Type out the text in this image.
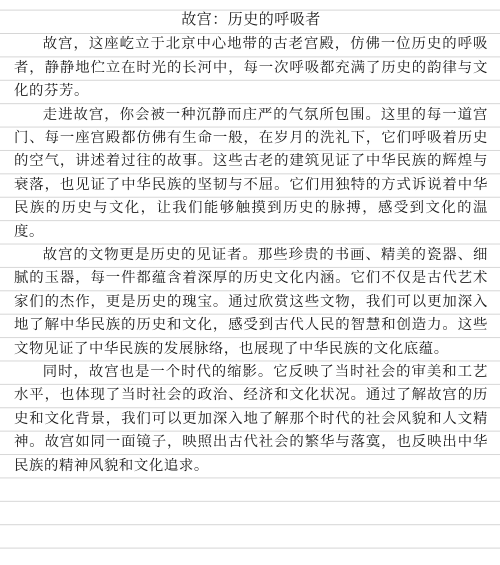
故宫：历史的呼吸者

故宫，这座屹立于北京中心地带的古老宫殿，仿佛一位历史的呼吸者，静静地伫立在时光的长河中，每一次呼吸都充满了历史的韵律与文化的芬芳。

走进故宫，你会被一种沉静而庄严的气氛所包围。这里的每一道宫门、每一座宫殿都仿佛有生命一般，在岁月的洗礼下，它们呼吸着历史的空气，讲述着过往的故事。这些古老的建筑见证了中华民族的辉煌与衰落，也见证了中华民族的坚韧与不屈。它们用独特的方式诉说着中华民族的历史与文化，让我们能够触摸到历史的脉搏，感受到文化的温度。

故宫的文物更是历史的见证者。那些珍贵的书画、精美的瓷器、细腻的玉器，每一件都蕴含着深厚的历史文化内涵。它们不仅是古代艺术家们的杰作，更是历史的瑰宝。通过欣赏这些文物，我们可以更加深入地了解中华民族的历史和文化，感受到古代人民的智慧和创造力。这些文物见证了中华民族的发展脉络，也展现了中华民族的文化底蕴。

同时，故宫也是一个时代的缩影。它反映了当时社会的审美和工艺水平，也体现了当时社会的政治、经济和文化状况。通过了解故宫的历史和文化背景，我们可以更加深入地了解那个时代的社会风貌和人文精神。故宫如同一面镜子，映照出古代社会的繁华与落寞，也反映出中华民族的精神风貌和文化追求。
